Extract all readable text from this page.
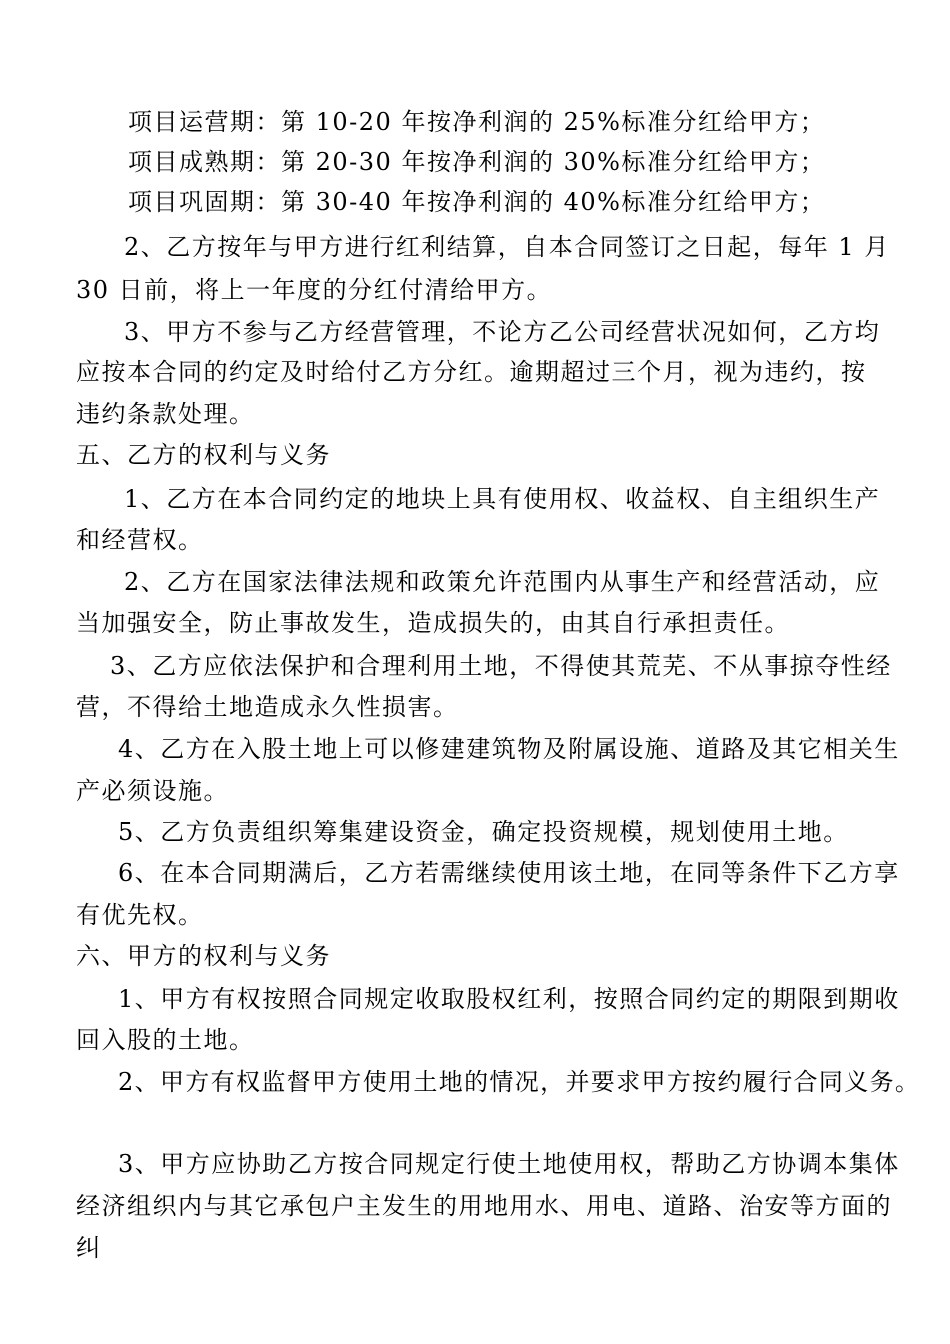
项目运营期：第 10-20 年按净利润的 25%标准分红给甲方；
项目成熟期：第 20-30 年按净利润的 30%标准分红给甲方；
项目巩固期：第 30-40 年按净利润的 40%标准分红给甲方；
2、乙方按年与甲方进行红利结算，自本合同签订之日起，每年 1 月
30 日前，将上一年度的分红付清给甲方。
3、甲方不参与乙方经营管理，不论方乙公司经营状况如何，乙方均
应按本合同的约定及时给付乙方分红。逾期超过三个月，视为违约，按
违约条款处理。
五、乙方的权利与义务
1、乙方在本合同约定的地块上具有使用权、收益权、自主组织生产
和经营权。
2、乙方在国家法律法规和政策允许范围内从事生产和经营活动，应
当加强安全，防止事故发生，造成损失的，由其自行承担责任。
3、乙方应依法保护和合理利用土地，不得使其荒芜、不从事掠夺性经
营，不得给土地造成永久性损害。
4、乙方在入股土地上可以修建建筑物及附属设施、道路及其它相关生
产必须设施。
5、乙方负责组织筹集建设资金，确定投资规模，规划使用土地。
6、在本合同期满后，乙方若需继续使用该土地，在同等条件下乙方享
有优先权。
六、甲方的权利与义务
1、甲方有权按照合同规定收取股权红利，按照合同约定的期限到期收
回入股的土地。
2、甲方有权监督甲方使用土地的情况，并要求甲方按约履行合同义务。
3、甲方应协助乙方按合同规定行使土地使用权，帮助乙方协调本集体
经济组织内与其它承包户主发生的用地用水、用电、道路、治安等方面的
纠
